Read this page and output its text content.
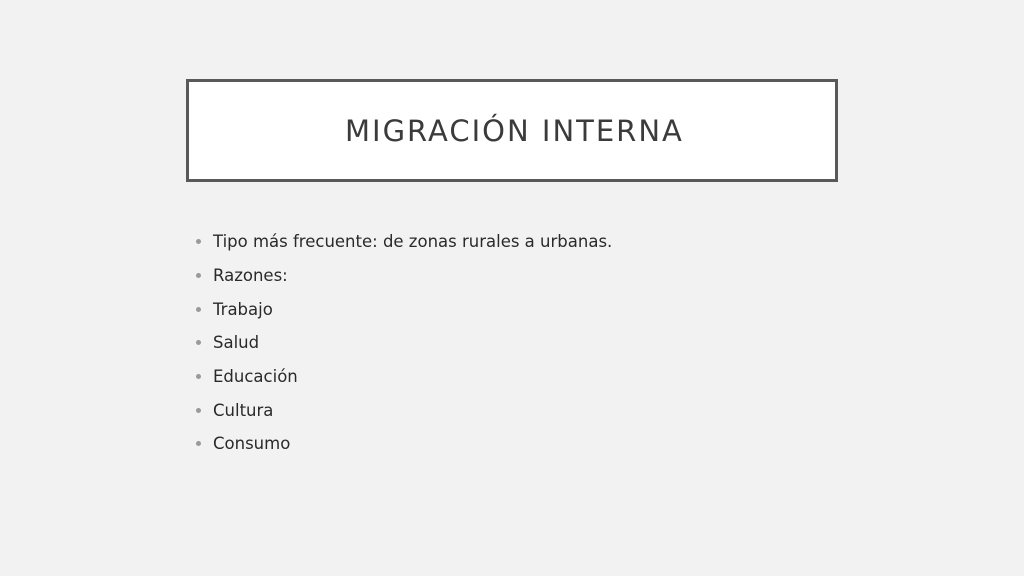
MIGRACIÓN INTERNA
Tipo más frecuente: de zonas rurales a urbanas.
Razones:
Trabajo
Salud
Educación
Cultura
Consumo
